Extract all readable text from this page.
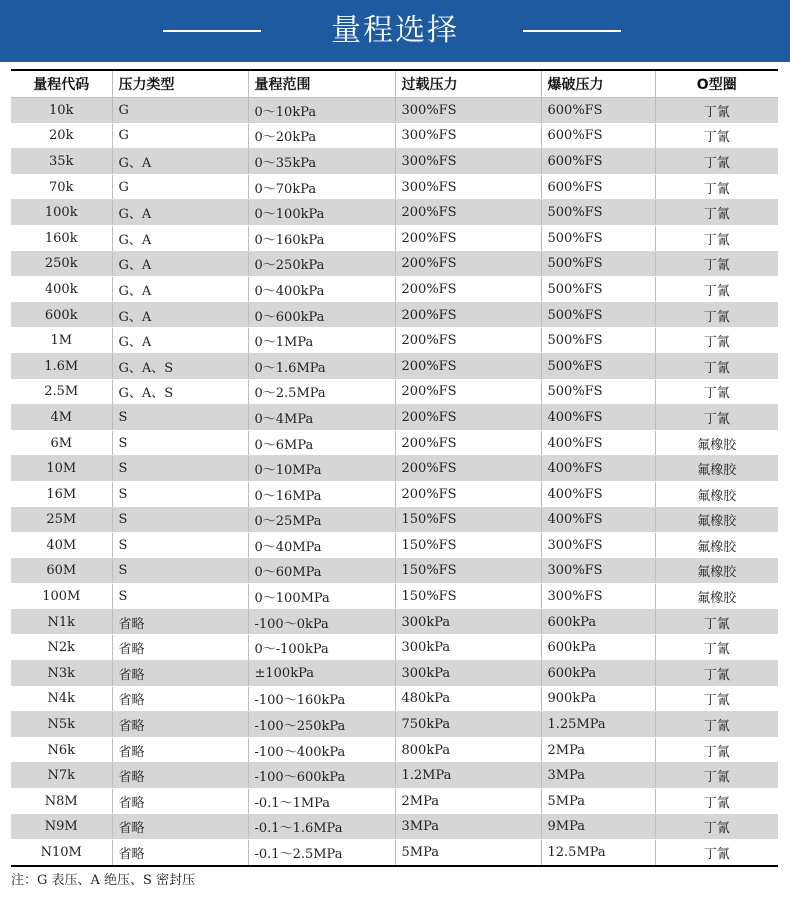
量程选择
量程代码	压力类型	量程范围	过载压力	爆破压力	O型圈
10k	G	0～10kPa	300%FS	600%FS	丁氰
20k	G	0～20kPa	300%FS	600%FS	丁氰
35k	G、A	0～35kPa	300%FS	600%FS	丁氰
70k	G	0～70kPa	300%FS	600%FS	丁氰
100k	G、A	0～100kPa	200%FS	500%FS	丁氰
160k	G、A	0～160kPa	200%FS	500%FS	丁氰
250k	G、A	0～250kPa	200%FS	500%FS	丁氰
400k	G、A	0～400kPa	200%FS	500%FS	丁氰
600k	G、A	0～600kPa	200%FS	500%FS	丁氰
1M	G、A	0～1MPa	200%FS	500%FS	丁氰
1.6M	G、A、S	0～1.6MPa	200%FS	500%FS	丁氰
2.5M	G、A、S	0～2.5MPa	200%FS	500%FS	丁氰
4M	S	0～4MPa	200%FS	400%FS	丁氰
6M	S	0～6MPa	200%FS	400%FS	氟橡胶
10M	S	0～10MPa	200%FS	400%FS	氟橡胶
16M	S	0～16MPa	200%FS	400%FS	氟橡胶
25M	S	0～25MPa	150%FS	400%FS	氟橡胶
40M	S	0～40MPa	150%FS	300%FS	氟橡胶
60M	S	0～60MPa	150%FS	300%FS	氟橡胶
100M	S	0～100MPa	150%FS	300%FS	氟橡胶
N1k	省略	-100～0kPa	300kPa	600kPa	丁氰
N2k	省略	0～-100kPa	300kPa	600kPa	丁氰
N3k	省略	±100kPa	300kPa	600kPa	丁氰
N4k	省略	-100～160kPa	480kPa	900kPa	丁氰
N5k	省略	-100～250kPa	750kPa	1.25MPa	丁氰
N6k	省略	-100～400kPa	800kPa	2MPa	丁氰
N7k	省略	-100～600kPa	1.2MPa	3MPa	丁氰
N8M	省略	-0.1～1MPa	2MPa	5MPa	丁氰
N9M	省略	-0.1～1.6MPa	3MPa	9MPa	丁氰
N10M	省略	-0.1～2.5MPa	5MPa	12.5MPa	丁氰
注：G 表压、A 绝压、S 密封压
